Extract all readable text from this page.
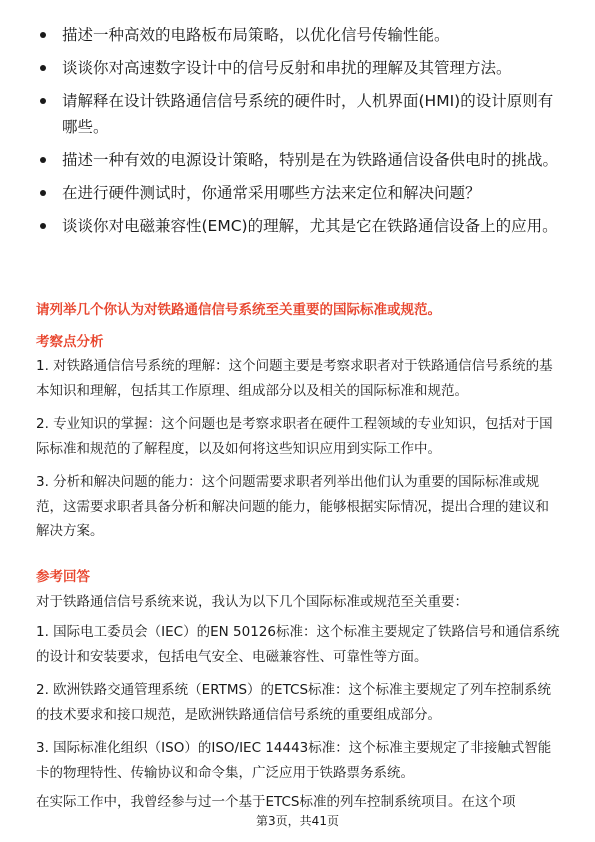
描述一种高效的电路板布局策略，以优化信号传输性能。
谈谈你对高速数字设计中的信号反射和串扰的理解及其管理方法。
请解释在设计铁路通信信号系统的硬件时，人机界面(HMI)的设计原则有哪些。
描述一种有效的电源设计策略，特别是在为铁路通信设备供电时的挑战。
在进行硬件测试时，你通常采用哪些方法来定位和解决问题？
谈谈你对电磁兼容性(EMC)的理解，尤其是它在铁路通信设备上的应用。
请列举几个你认为对铁路通信信号系统至关重要的国际标准或规范。
考察点分析
1. 对铁路通信信号系统的理解：这个问题主要是考察求职者对于铁路通信信号系统的基本知识和理解，包括其工作原理、组成部分以及相关的国际标准和规范。
2. 专业知识的掌握：这个问题也是考察求职者在硬件工程领域的专业知识，包括对于国际标准和规范的了解程度，以及如何将这些知识应用到实际工作中。
3. 分析和解决问题的能力：这个问题需要求职者列举出他们认为重要的国际标准或规范，这需要求职者具备分析和解决问题的能力，能够根据实际情况，提出合理的建议和解决方案。
参考回答
对于铁路通信信号系统来说，我认为以下几个国际标准或规范至关重要：
1. 国际电工委员会（IEC）的EN 50126标准：这个标准主要规定了铁路信号和通信系统的设计和安装要求，包括电气安全、电磁兼容性、可靠性等方面。
2. 欧洲铁路交通管理系统（ERTMS）的ETCS标准：这个标准主要规定了列车控制系统的技术要求和接口规范，是欧洲铁路通信信号系统的重要组成部分。
3. 国际标准化组织（ISO）的ISO/IEC 14443标准：这个标准主要规定了非接触式智能卡的物理特性、传输协议和命令集，广泛应用于铁路票务系统。
在实际工作中，我曾经参与过一个基于ETCS标准的列车控制系统项目。在这个项
第3页，共41页
